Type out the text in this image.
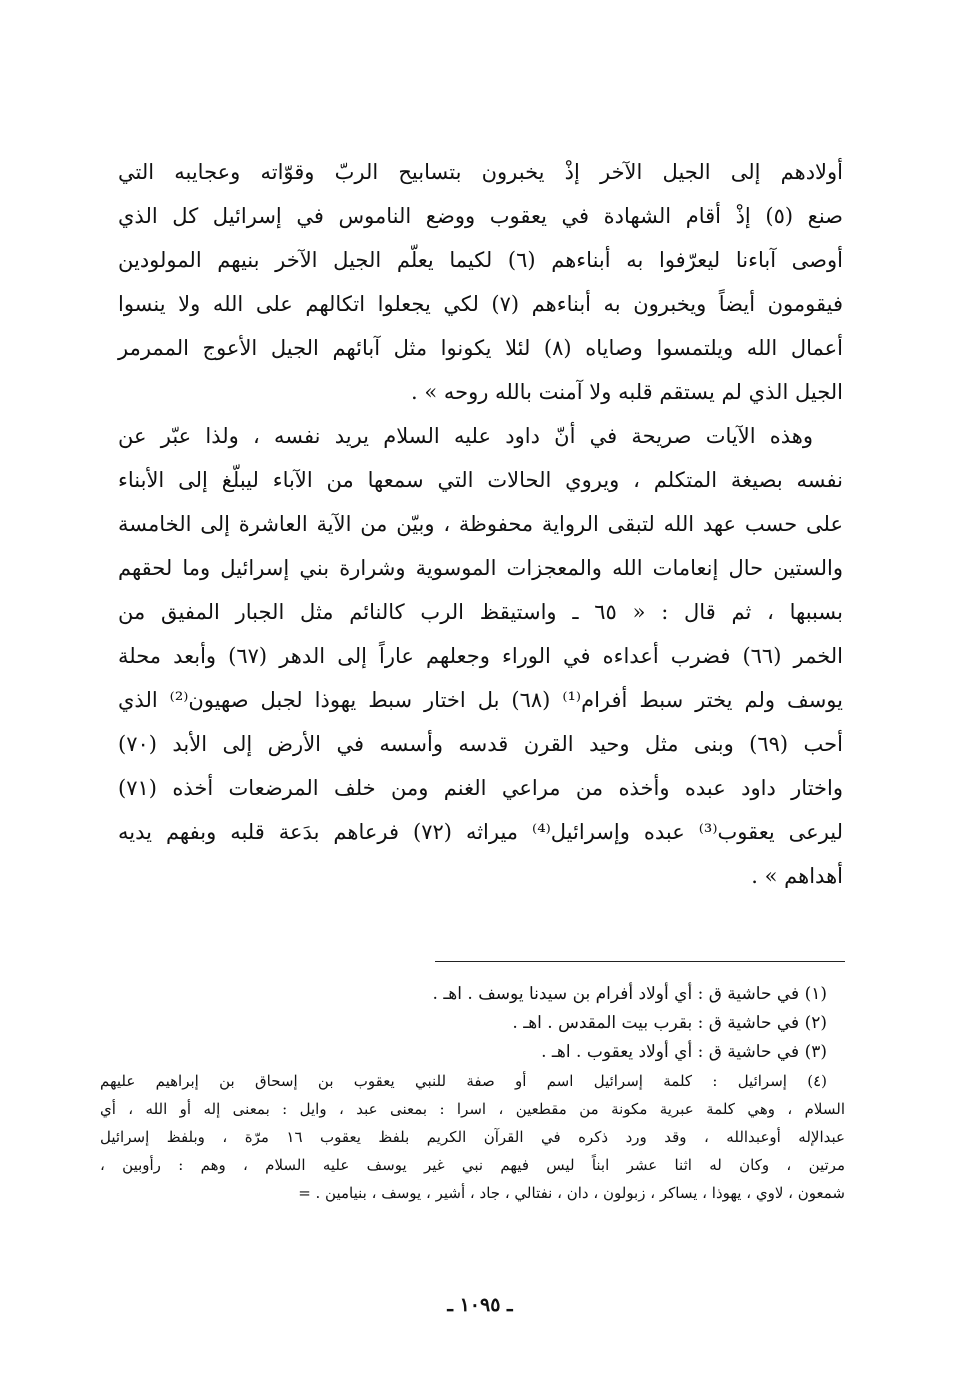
أولادهم إلى الجيل الآخر إذْ يخبرون بتسابيح الربّ وقوّاته وعجايبه التي
صنع (٥) إذْ أقام الشهادة في يعقوب ووضع الناموس في إسرائيل كل الذي
أوصى آباءنا ليعرّفوا به أبناءهم (٦) لكيما يعلّم الجيل الآخر بنيهم المولودين
فيقومون أيضاً ويخبرون به أبناءهم (٧) لكي يجعلوا اتكالهم على الله ولا ينسوا
أعمال الله ويلتمسوا وصاياه (٨) لئلا يكونوا مثل آبائهم الجيل الأعوج الممرمر
الجيل الذي لم يستقم قلبه ولا آمنت بالله روحه » .

وهذه الآيات صريحة في أنّ داود عليه السلام يريد نفسه ، ولذا عبّر عن
نفسه بصيغة المتكلم ، ويروي الحالات التي سمعها من الآباء ليبلّغ إلى الأبناء
على حسب عهد الله لتبقى الرواية محفوظة ، وبيّن من الآية العاشرة إلى الخامسة
والستين حال إنعامات الله والمعجزات الموسوية وشرارة بني إسرائيل وما لحقهم
بسببها ، ثم قال : « ٦٥ ـ واستيقظ الرب كالنائم مثل الجبار المفيق من
الخمر (٦٦) فضرب أعداءه في الوراء وجعلهم عاراً إلى الدهر (٦٧) وأبعد محلة
يوسف ولم يختر سبط أفرام⁽¹⁾ (٦٨) بل اختار سبط يهوذا لجبل صهيون⁽²⁾ الذي
أحب (٦٩) وبنى مثل وحيد القرن قدسه وأسسه في الأرض إلى الأبد (٧٠)
واختار داود عبده وأخذه من مراعي الغنم ومن خلف المرضعات أخذه (٧١)
ليرعى يعقوب⁽³⁾ عبده وإسرائيل⁽⁴⁾ ميراثه (٧٢) فرعاهم بدَعة قلبه وبفهم يديه
أهداهم » .

(١) في حاشية ق : أي أولاد أفرام بن سيدنا يوسف . اهـ .
(٢) في حاشية ق : بقرب بيت المقدس . اهـ .
(٣) في حاشية ق : أي أولاد يعقوب . اهـ .
(٤) إسرائيل : كلمة إسرائيل اسم أو صفة للنبي يعقوب بن إسحاق بن إبراهيم عليهم
السلام ، وهي كلمة عبرية مكونة من مقطعين ، اسرا : بمعنى عبد ، وايل : بمعنى إله أو الله ، أي
عبدالإله أوعبدالله ، وقد ورد ذكره في القرآن الكريم بلفظ يعقوب ١٦ مرّة ، وبلفظ إسرائيل
مرتين ، وكان له اثنا عشر ابناً ليس فيهم نبي غير يوسف عليه السلام ، وهم : رأوبين ،
شمعون ، لاوي ، يهوذا ، يساكر ، زبولون ، دان ، نفتالي ، جاد ، أشير ، يوسف ، بنيامين . =
ـ ١٠٩٥ ـ
